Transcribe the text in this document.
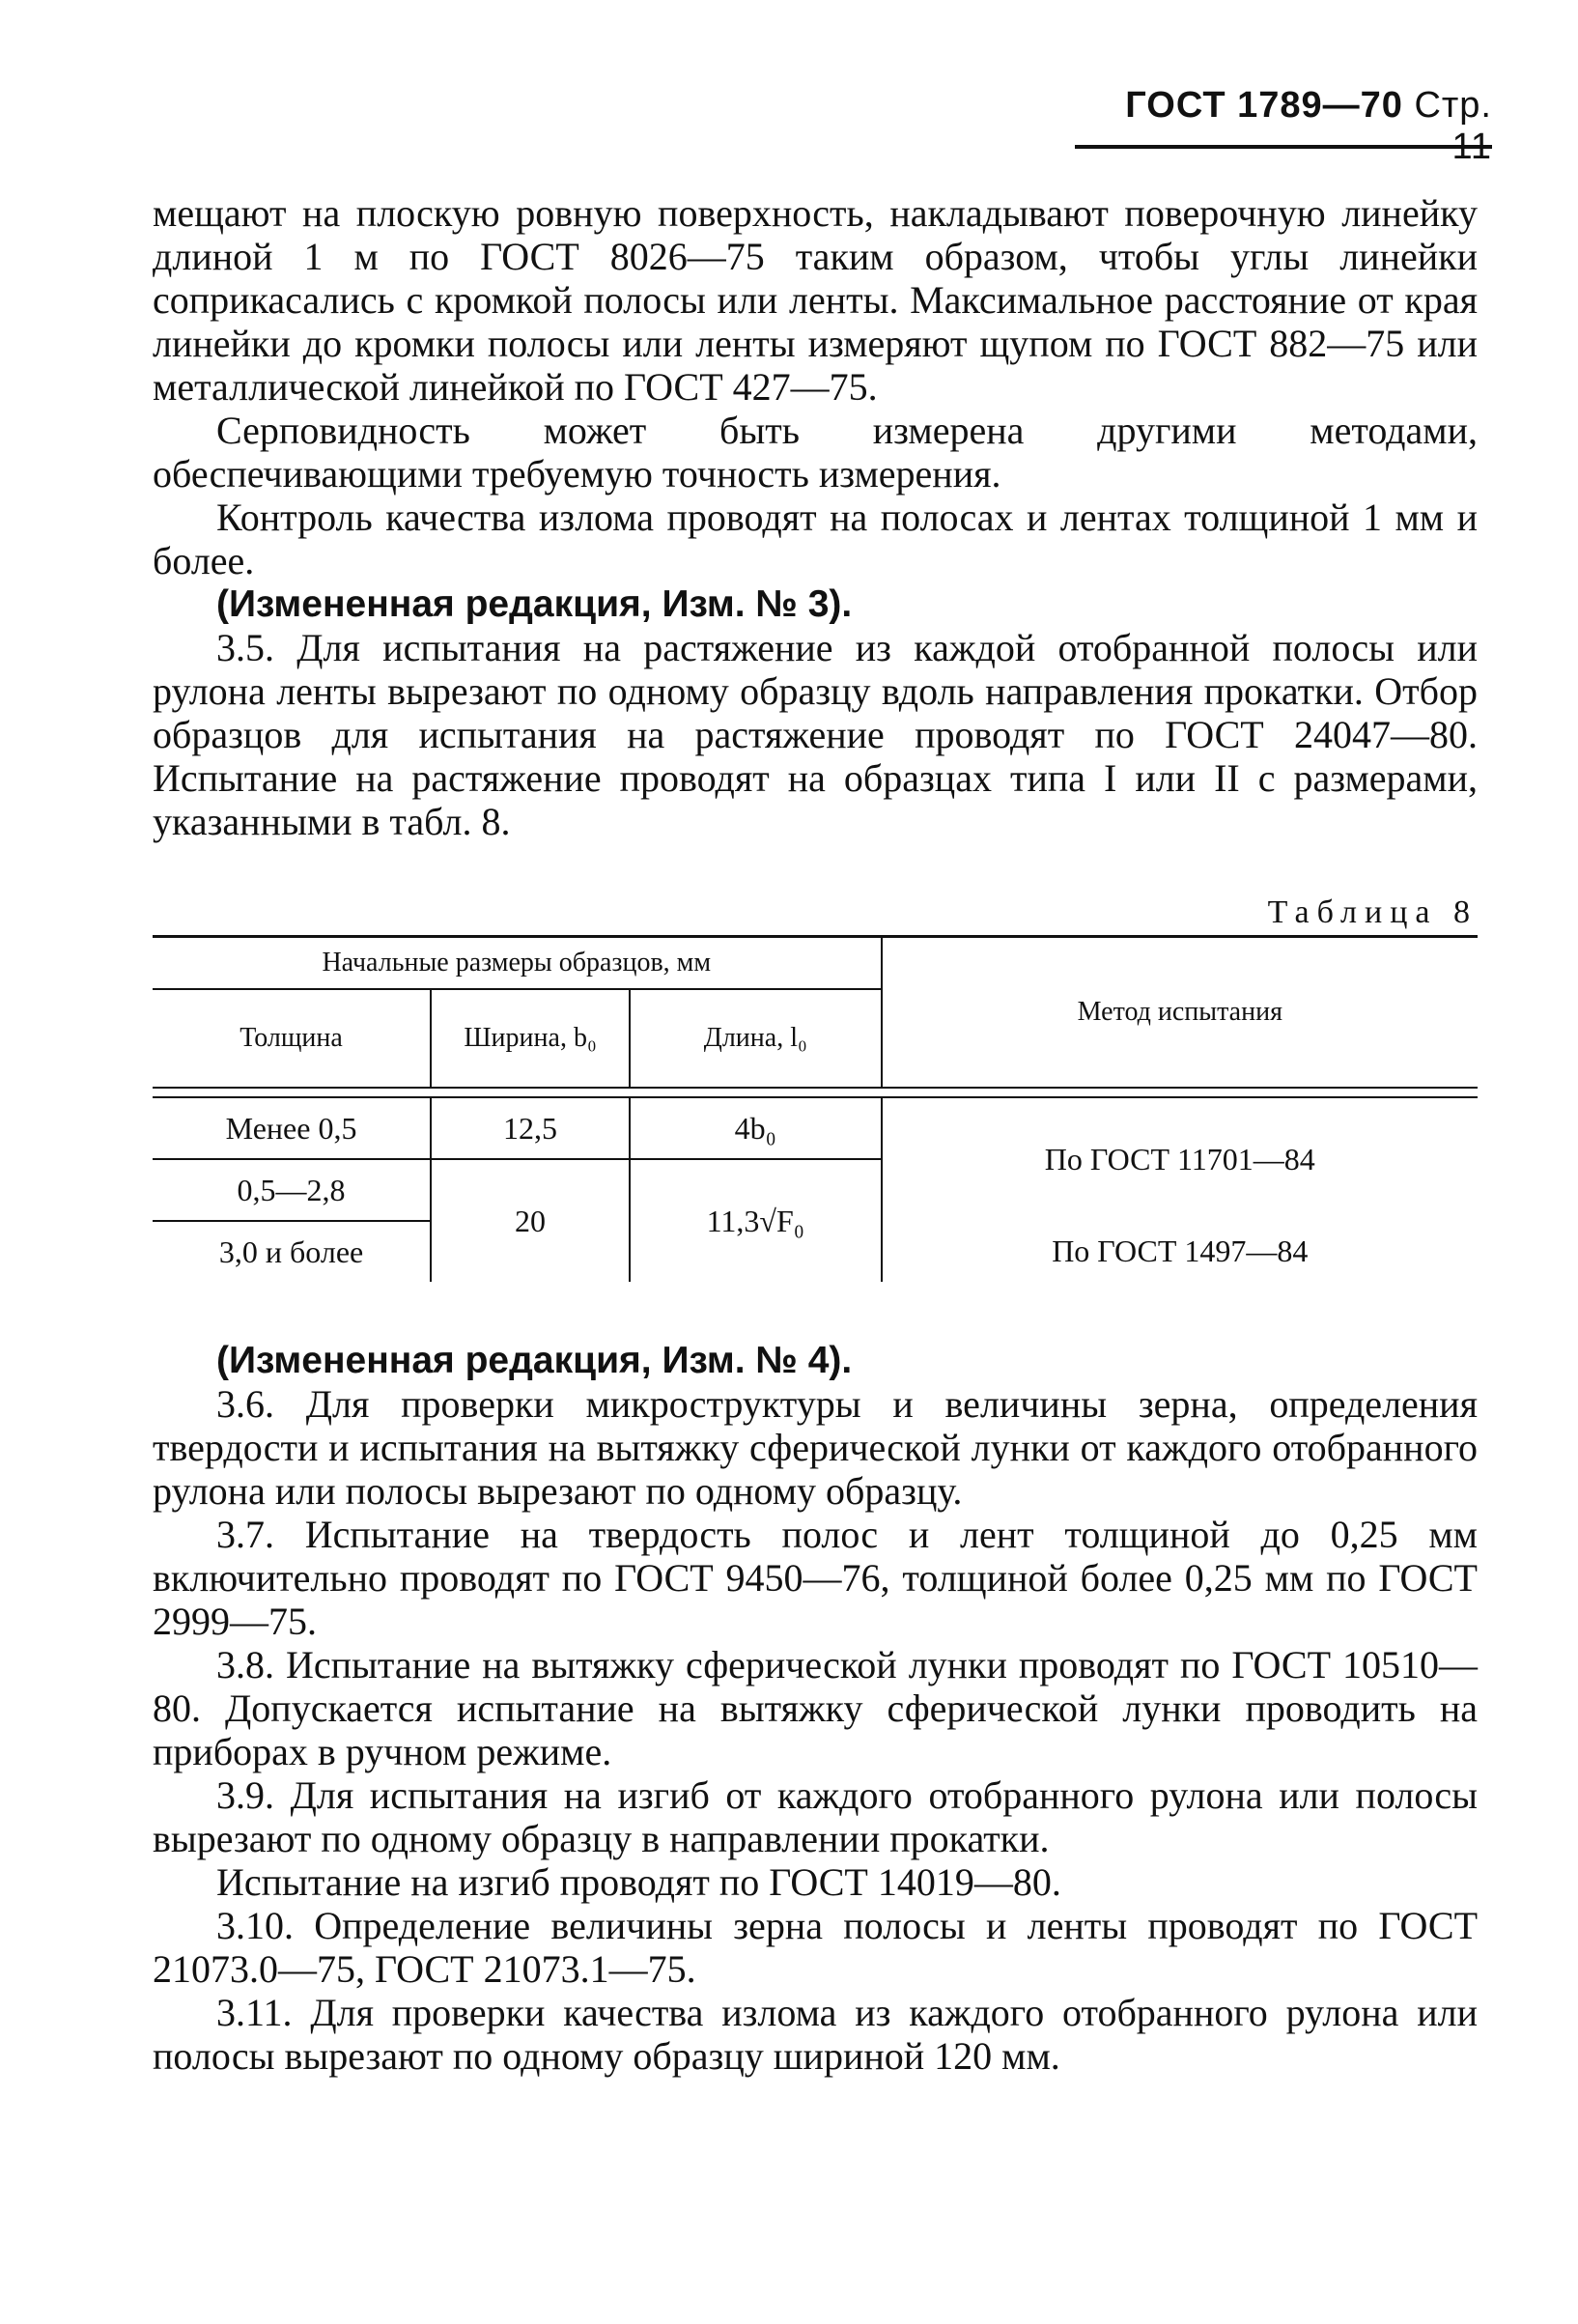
ГОСТ 1789—70 Стр. 11

мещают на плоскую ровную поверхность, накладывают поверочную линейку длиной 1 м по ГОСТ 8026—75 таким образом, чтобы углы линейки соприкасались с кромкой полосы или ленты. Максимальное расстояние от края линейки до кромки полосы или ленты измеряют щупом по ГОСТ 882—75 или металлической линейкой по ГОСТ 427—75.

Серповидность может быть измерена другими методами, обеспечивающими требуемую точность измерения.

Контроль качества излома проводят на полосах и лентах толщиной 1 мм и более.

(Измененная редакция, Изм. № 3).

3.5. Для испытания на растяжение из каждой отобранной полосы или рулона ленты вырезают по одному образцу вдоль направления прокатки. Отбор образцов для испытания на растяжение проводят по ГОСТ 24047—80. Испытание на растяжение проводят на образцах типа I или II с размерами, указанными в табл. 8.

Таблица 8

Начальные размеры образцов, мм			Метод испытания
Толщина	Ширина, b₀	Длина, l₀	

Менее 0,5	12,5	4b₀	По ГОСТ 11701—84
0,5—2,8	20	11,3√F₀	
3,0 и более			По ГОСТ 1497—84

(Измененная редакция, Изм. № 4).

3.6. Для проверки микроструктуры и величины зерна, определения твердости и испытания на вытяжку сферической лунки от каждого отобранного рулона или полосы вырезают по одному образцу.

3.7. Испытание на твердость полос и лент толщиной до 0,25 мм включительно проводят по ГОСТ 9450—76, толщиной более 0,25 мм по ГОСТ 2999—75.

3.8. Испытание на вытяжку сферической лунки проводят по ГОСТ 10510—80. Допускается испытание на вытяжку сферической лунки проводить на приборах в ручном режиме.

3.9. Для испытания на изгиб от каждого отобранного рулона или полосы вырезают по одному образцу в направлении прокатки.

Испытание на изгиб проводят по ГОСТ 14019—80.

3.10. Определение величины зерна полосы и ленты проводят по ГОСТ 21073.0—75, ГОСТ 21073.1—75.

3.11. Для проверки качества излома из каждого отобранного рулона или полосы вырезают по одному образцу шириной 120 мм.
